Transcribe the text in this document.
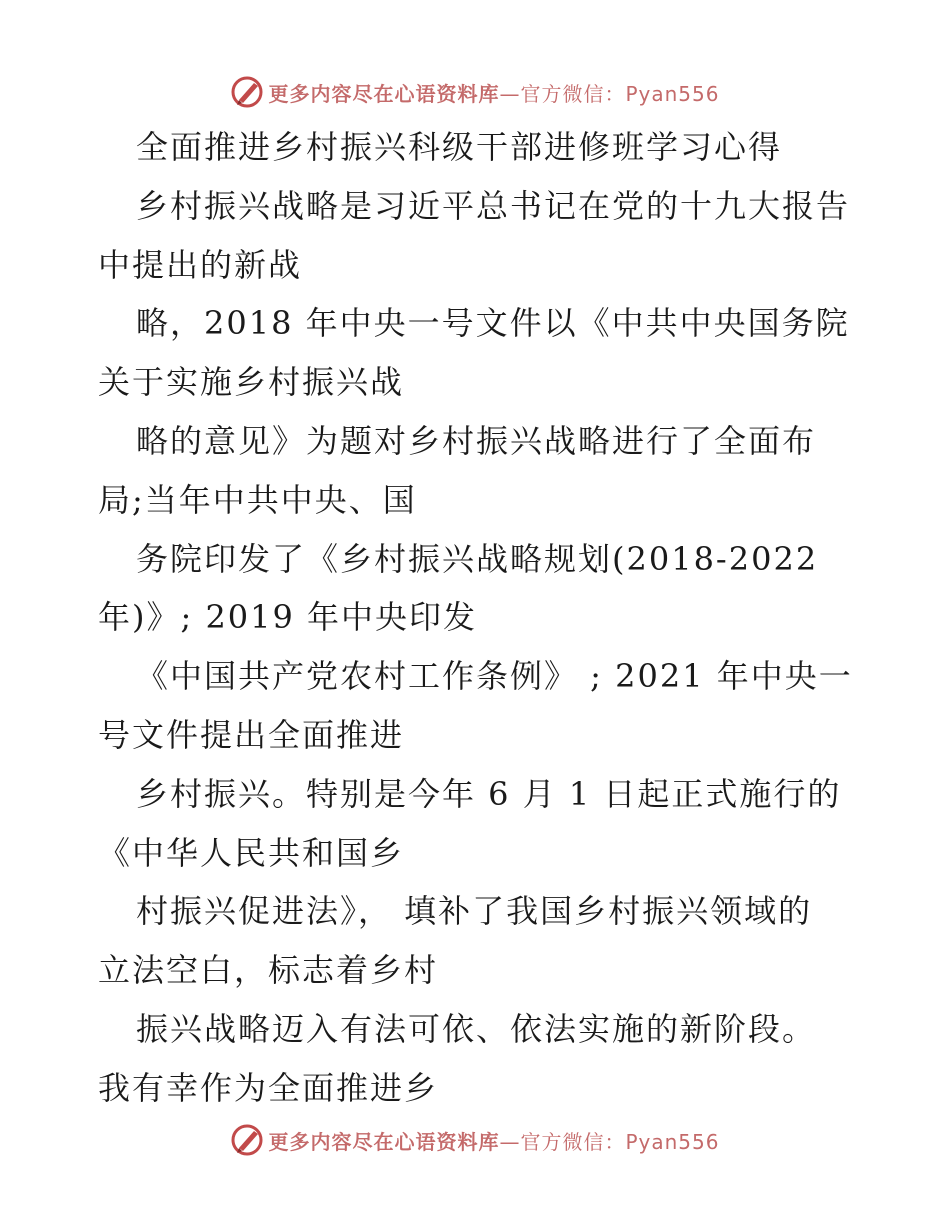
更多内容尽在心语资料库 —官方微信：Pyan556
全面推进乡村振兴科级干部进修班学习心得
乡村振兴战略是习近平总书记在党的十九大报告
中提出的新战
略，2018 年中央一号文件以《中共中央国务院
关于实施乡村振兴战
略的意见》为题对乡村振兴战略进行了全面布
局;当年中共中央、国
务院印发了《乡村振兴战略规划(2018-2022
年)》; 2019 年中央印发
《中国共产党农村工作条例》 ; 2021 年中央一
号文件提出全面推进
乡村振兴。特别是今年 6 月 1 日起正式施行的
《中华人民共和国乡
村振兴促进法》， 填补了我国乡村振兴领域的
立法空白，标志着乡村
振兴战略迈入有法可依、依法实施的新阶段。
我有幸作为全面推进乡
更多内容尽在心语资料库 —官方微信：Pyan556
